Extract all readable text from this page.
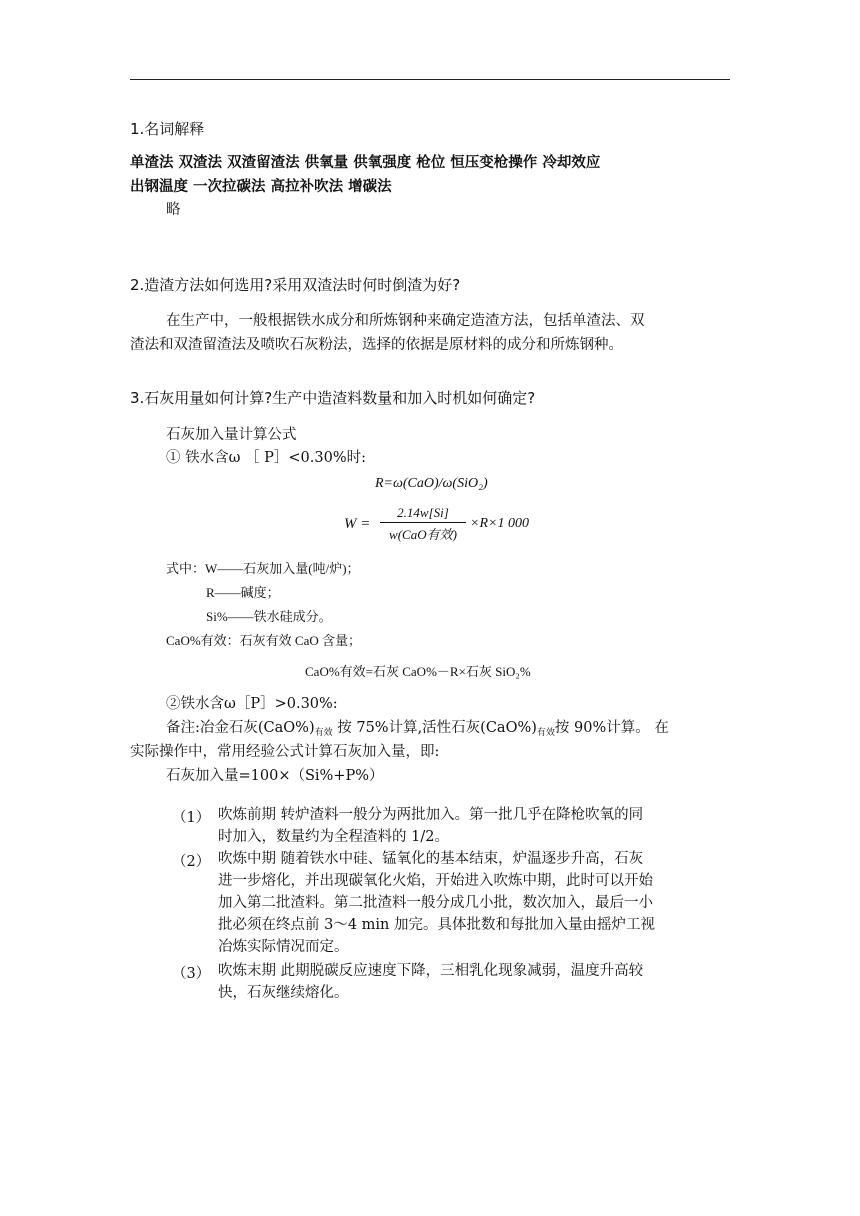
1.名词解释
单渣法 双渣法 双渣留渣法 供氧量 供氧强度 枪位 恒压变枪操作 冷却效应
出钢温度 一次拉碳法 高拉补吹法 增碳法
略
2.造渣方法如何选用?采用双渣法时何时倒渣为好?
在生产中，一般根据铁水成分和所炼钢种来确定造渣方法，包括单渣法、双
渣法和双渣留渣法及喷吹石灰粉法，选择的依据是原材料的成分和所炼钢种。
3.石灰用量如何计算?生产中造渣料数量和加入时机如何确定?
石灰加入量计算公式
① 铁水含ω ［ P］<0.30%时:
R=ω(CaO)/ω(SiO₂)
W =
2.14w[Si]
w(CaO有效)
×R×1 000
式中：W——石灰加入量(吨/炉)；
R——碱度；
Si%——铁水硅成分。
CaO%有效：石灰有效 CaO 含量；
CaO%有效=石灰 CaO%－R×石灰 SiO₂%
②铁水含ω［P］>0.30%:
备注:冶金石灰$(CaO\%)_{有效}$ 按 75%计算,活性石灰$(CaO\%)_{有效}$按 90%计算。 在
实际操作中，常用经验公式计算石灰加入量，即:
石灰加入量=100×（Si%+P%）
（1） 吹炼前期 转炉渣料一般分为两批加入。第一批几乎在降枪吹氧的同
时加入，数量约为全程渣料的 1/2。
（2） 吹炼中期 随着铁水中硅、锰氧化的基本结束，炉温逐步升高，石灰
进一步熔化，并出现碳氧化火焰，开始进入吹炼中期，此时可以开始
加入第二批渣料。第二批渣料一般分成几小批，数次加入，最后一小
批必须在终点前 3～4 min 加完。具体批数和每批加入量由摇炉工视
冶炼实际情况而定。
（3） 吹炼末期 此期脱碳反应速度下降，三相乳化现象减弱，温度升高较
快，石灰继续熔化。
